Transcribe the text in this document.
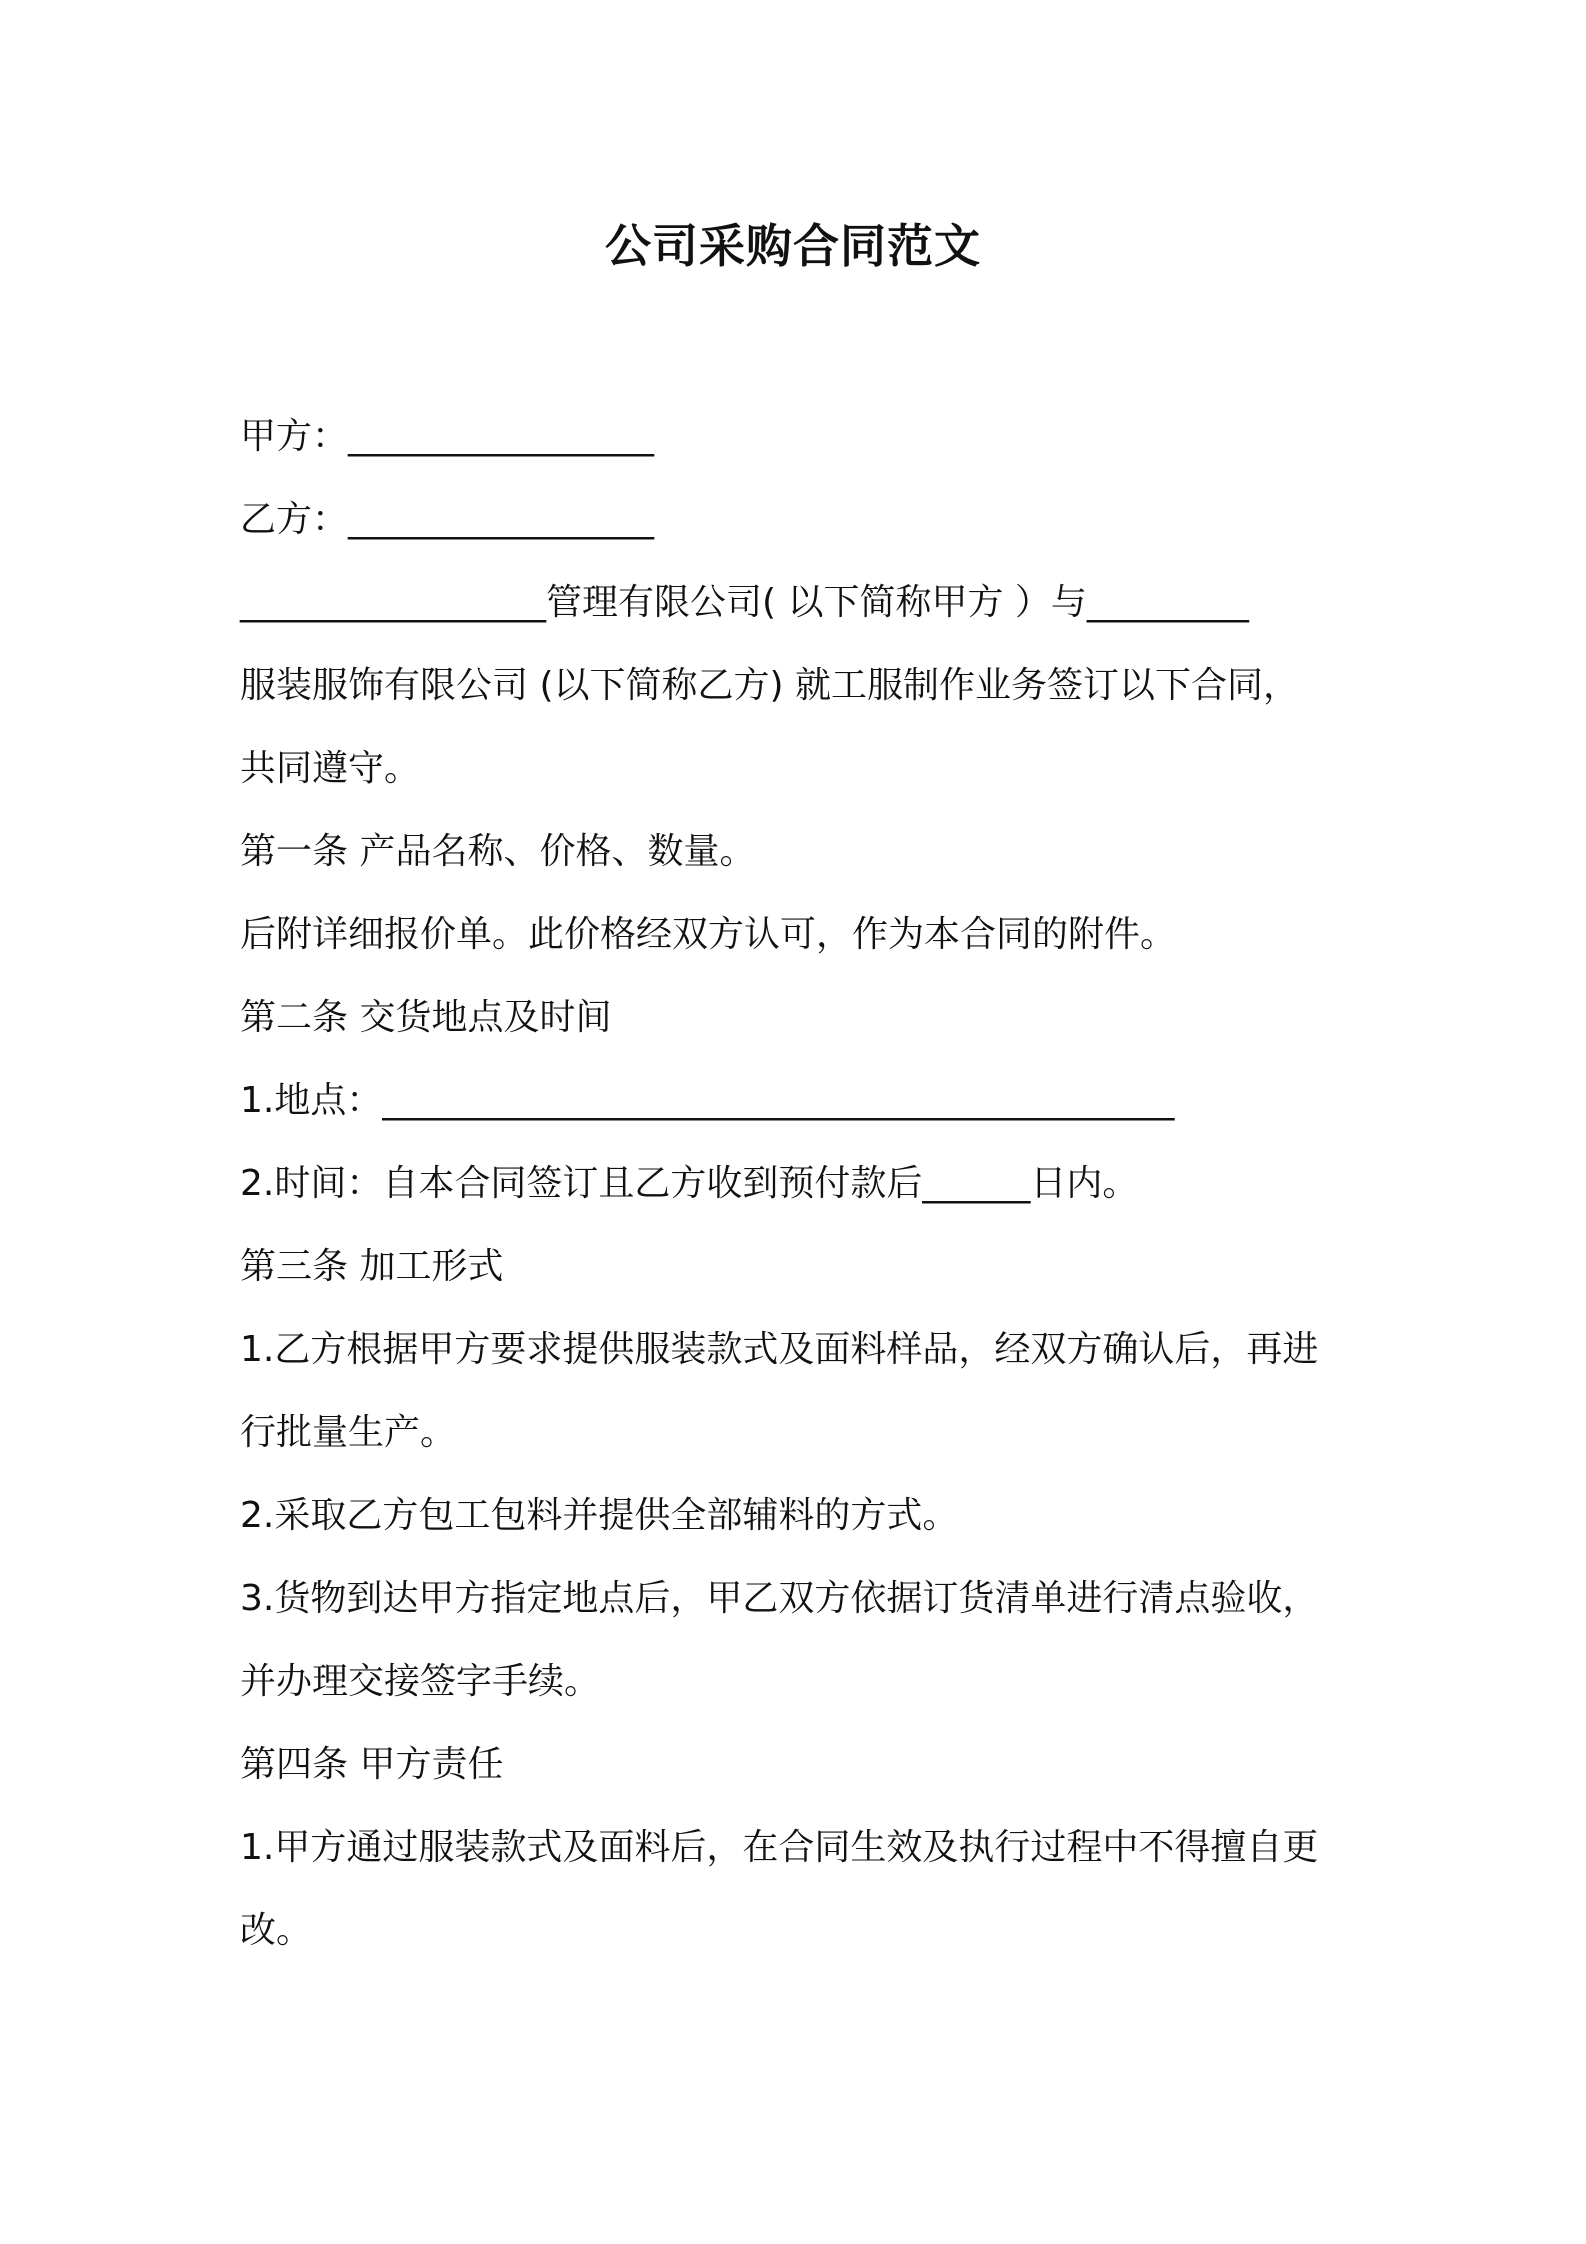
公司采购合同范文
甲方：_________________
乙方：_________________
_________________管理有限公司( 以下简称甲方 ）与_________
服装服饰有限公司 (以下简称乙方) 就工服制作业务签订以下合同，
共同遵守。
第一条 产品名称、价格、数量。
后附详细报价单。此价格经双方认可，作为本合同的附件。
第二条 交货地点及时间
1.地点：____________________________________________
2.时间：自本合同签订且乙方收到预付款后______日内。
第三条 加工形式
1.乙方根据甲方要求提供服装款式及面料样品，经双方确认后，再进
行批量生产。
2.采取乙方包工包料并提供全部辅料的方式。
3.货物到达甲方指定地点后，甲乙双方依据订货清单进行清点验收，
并办理交接签字手续。
第四条 甲方责任
1.甲方通过服装款式及面料后，在合同生效及执行过程中不得擅自更
改。
